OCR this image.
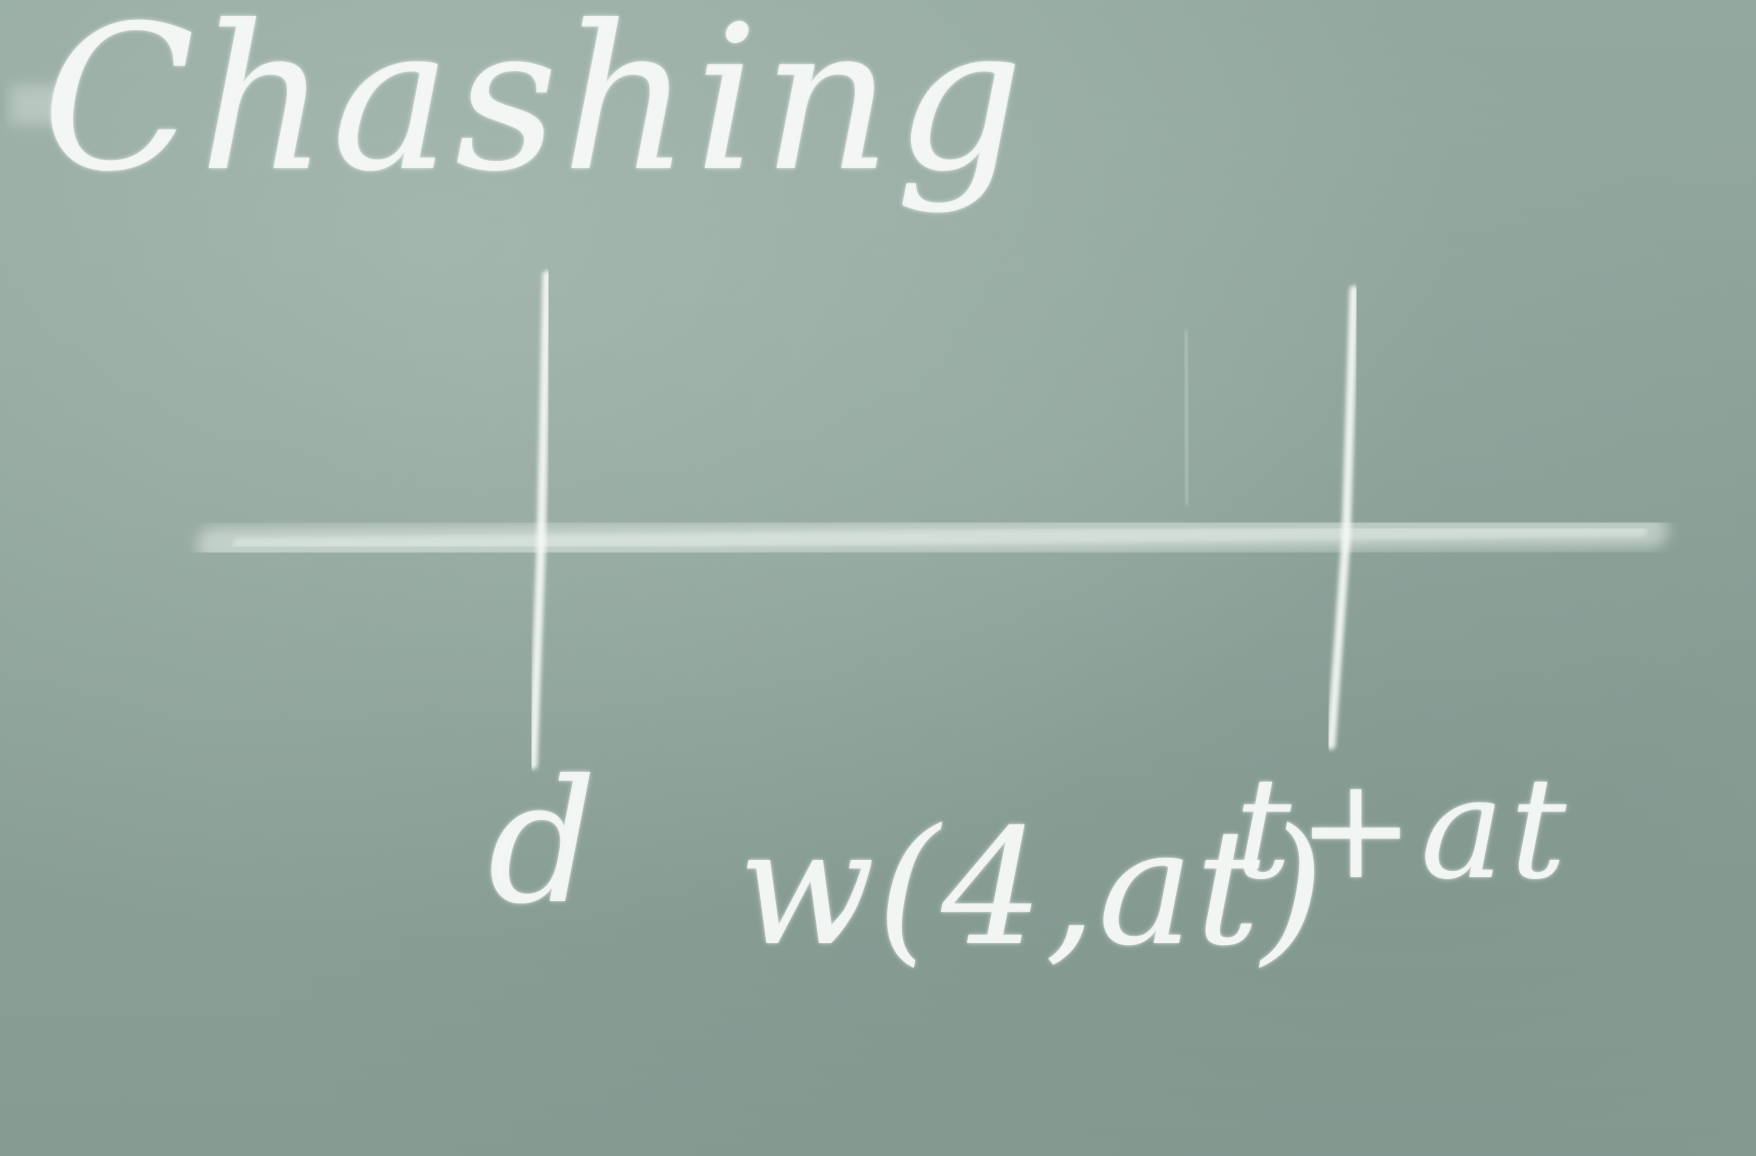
Chashing
d w(4,at)
t+at
